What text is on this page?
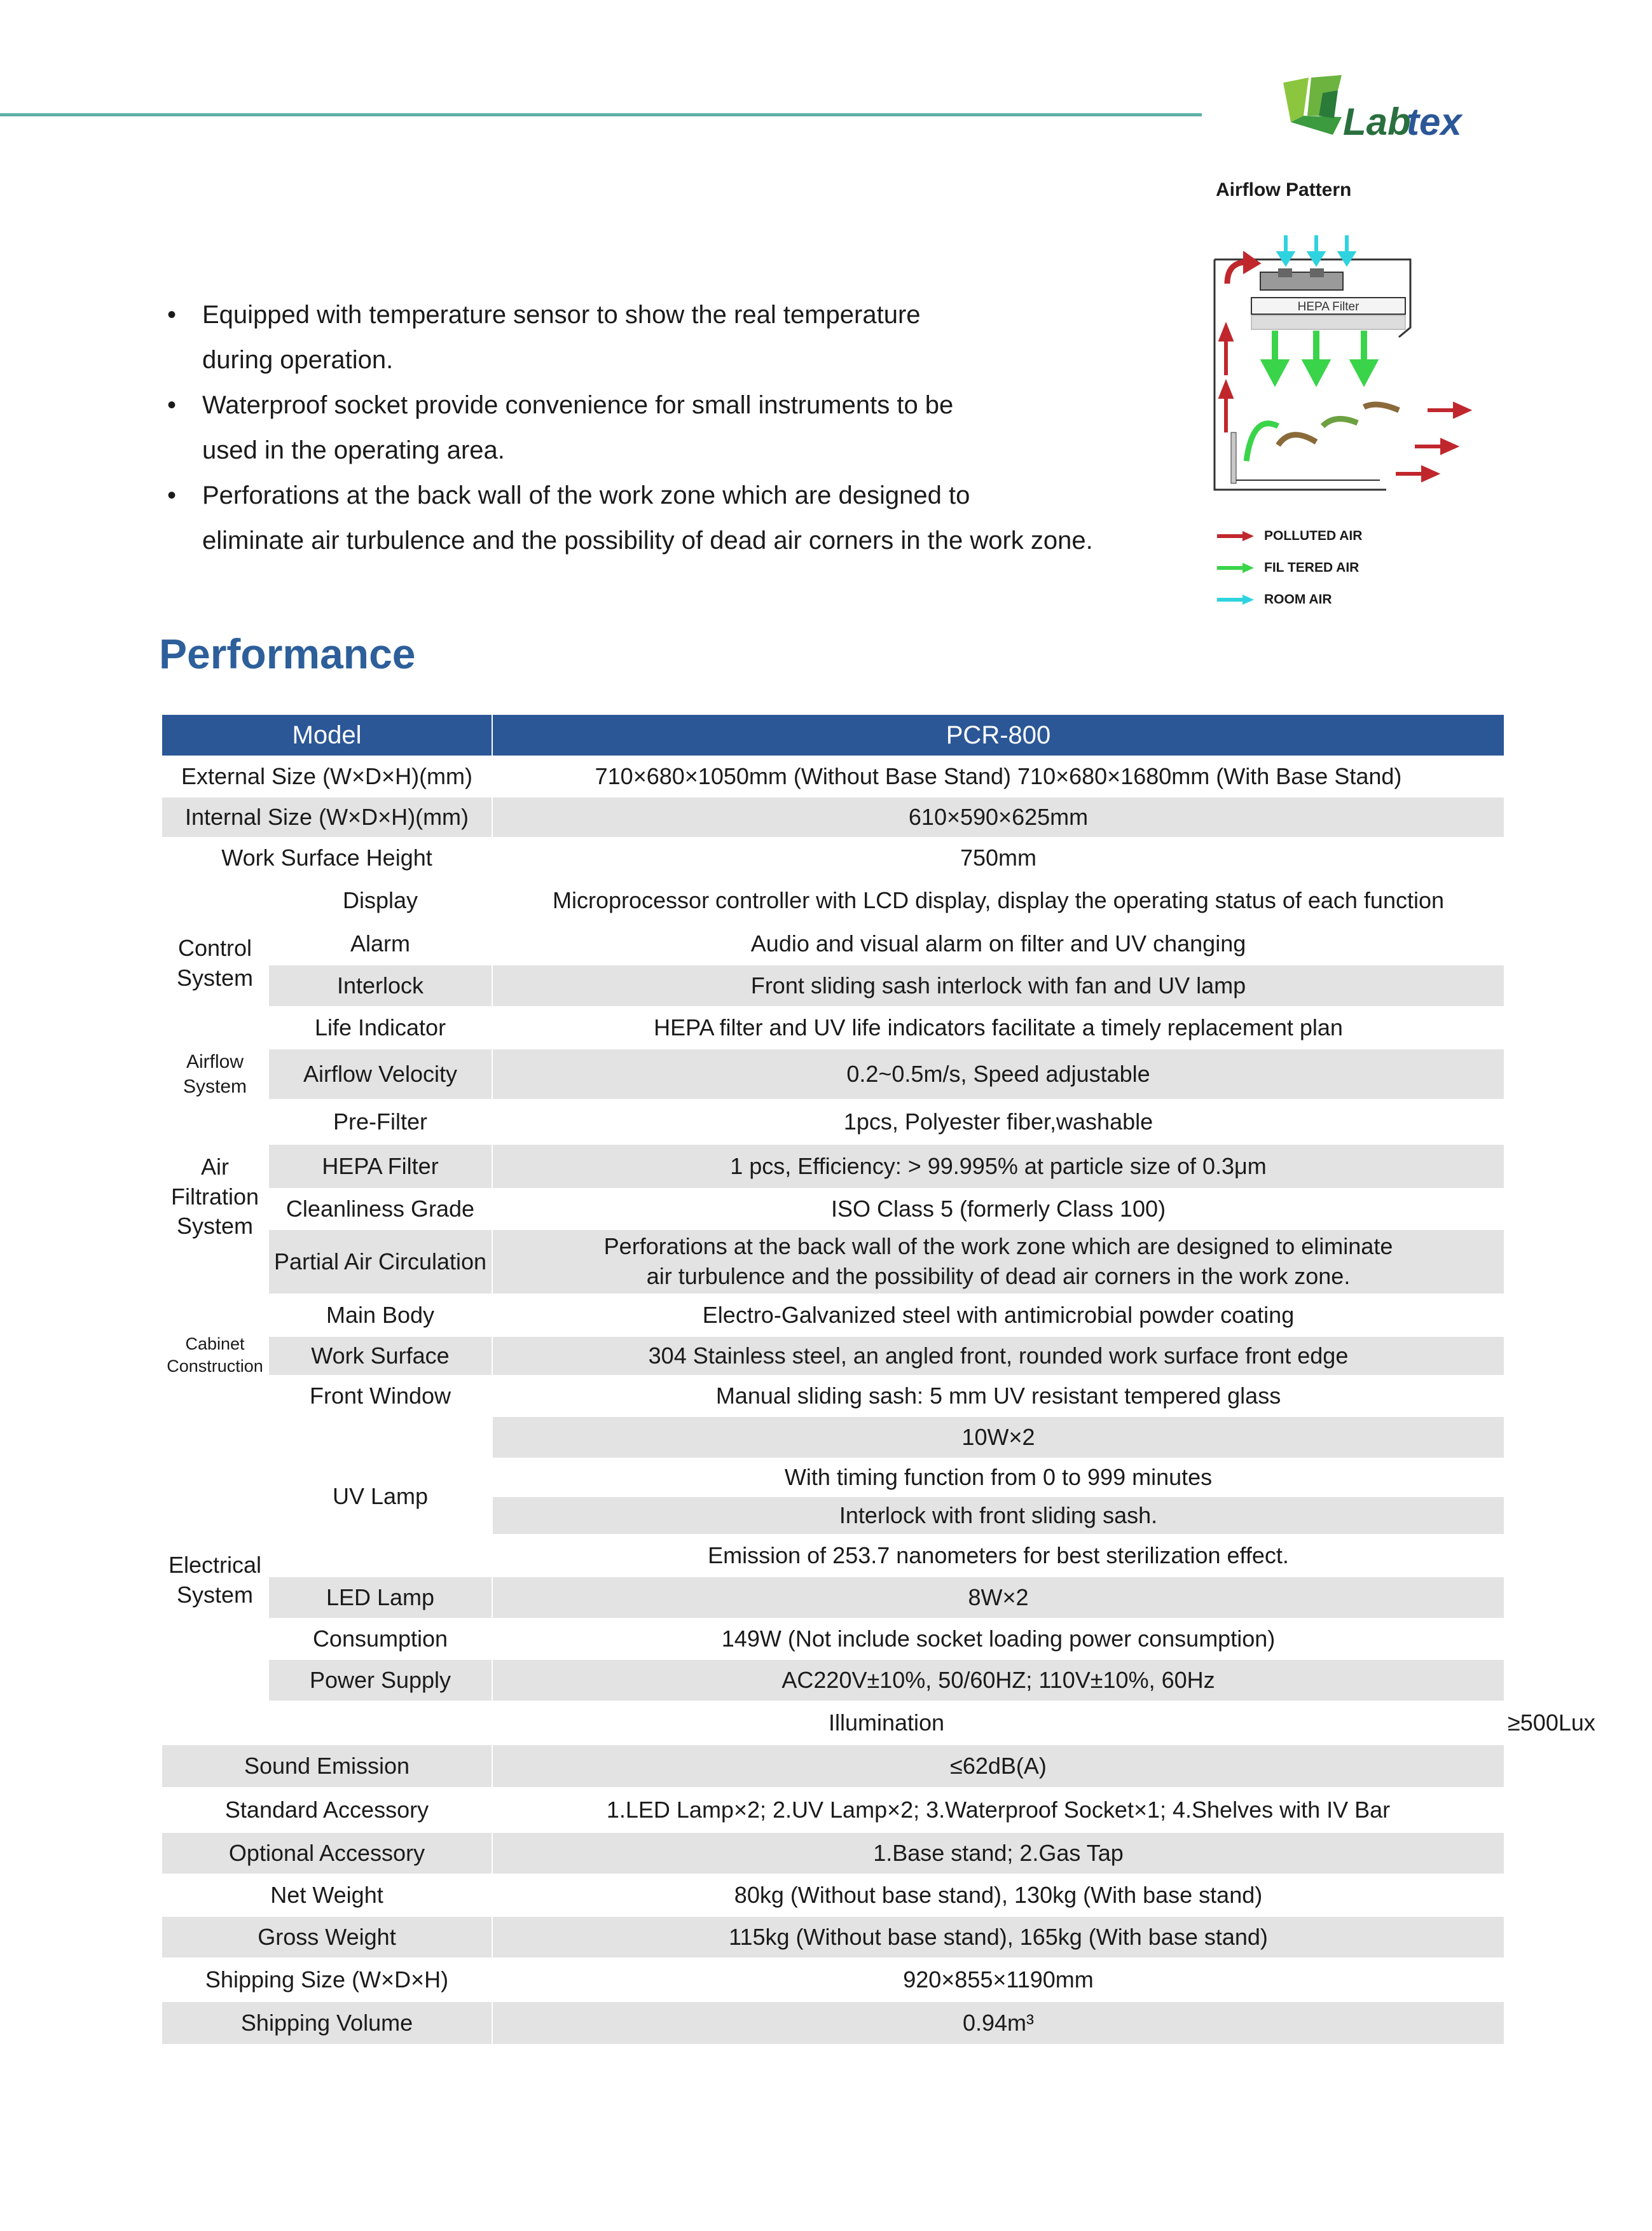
Lab
tex
Airflow Pattern
HEPA Filter
POLLUTED AIR
FIL TERED AIR
ROOM AIR
• Equipped with temperature sensor to show the real temperature
during operation.
• Waterproof socket provide convenience for small instruments to be
used in the operating area.
• Perforations at the back wall of the work zone which are designed to
eliminate air turbulence and the possibility of dead air corners in the work zone.
Performance
Model		PCR-800	
External Size (W×D×H)(mm)		710×680×1050mm (Without Base Stand) 710×680×1680mm (With Base Stand)	
Internal Size (W×D×H)(mm)		610×590×625mm	
Work Surface Height		750mm	

Control
System	Display	Microprocessor controller with LCD display, display the operating status of each function	
	Alarm	Audio and visual alarm on filter and UV changing	
	Interlock	Front sliding sash interlock with fan and UV lamp	
	Life Indicator	HEPA filter and UV life indicators facilitate a timely replacement plan	

Airflow
System	Airflow Velocity	0.2~0.5m/s, Speed adjustable	

Air
Filtration
System	Pre-Filter	1pcs, Polyester fiber,washable	
	HEPA Filter	1 pcs, Efficiency: > 99.995% at particle size of 0.3μm	
	Cleanliness Grade	ISO Class 5 (formerly Class 100)	
	Partial Air Circulation	Perforations at the back wall of the work zone which are designed to eliminate
air turbulence and the possibility of dead air corners in the work zone.	

Cabinet
Construction	Main Body	Electro-Galvanized steel with antimicrobial powder coating	
	Work Surface	304 Stainless steel, an angled front, rounded work surface front edge	
	Front Window	Manual sliding sash: 5 mm UV resistant tempered glass	

Electrical
System	UV Lamp	10W×2	
		With timing function from 0 to 999 minutes	
		Interlock with front sliding sash.	
		Emission of 253.7 nanometers for best sterilization effect.	
	LED Lamp	8W×2	
	Consumption	149W (Not include socket loading power consumption)	
	Power Supply	AC220V±10%, 50/60HZ; 110V±10%, 60Hz	
	Illumination		≥500Lux
Sound Emission		≤62dB(A)	
Standard Accessory		1.LED Lamp×2; 2.UV Lamp×2; 3.Waterproof Socket×1; 4.Shelves with IV Bar	
Optional Accessory		1.Base stand; 2.Gas Tap	
Net Weight		80kg (Without base stand), 130kg (With base stand)	
Gross Weight		115kg (Without base stand), 165kg (With base stand)	
Shipping Size (W×D×H)		920×855×1190mm	
Shipping Volume		0.94m³	
